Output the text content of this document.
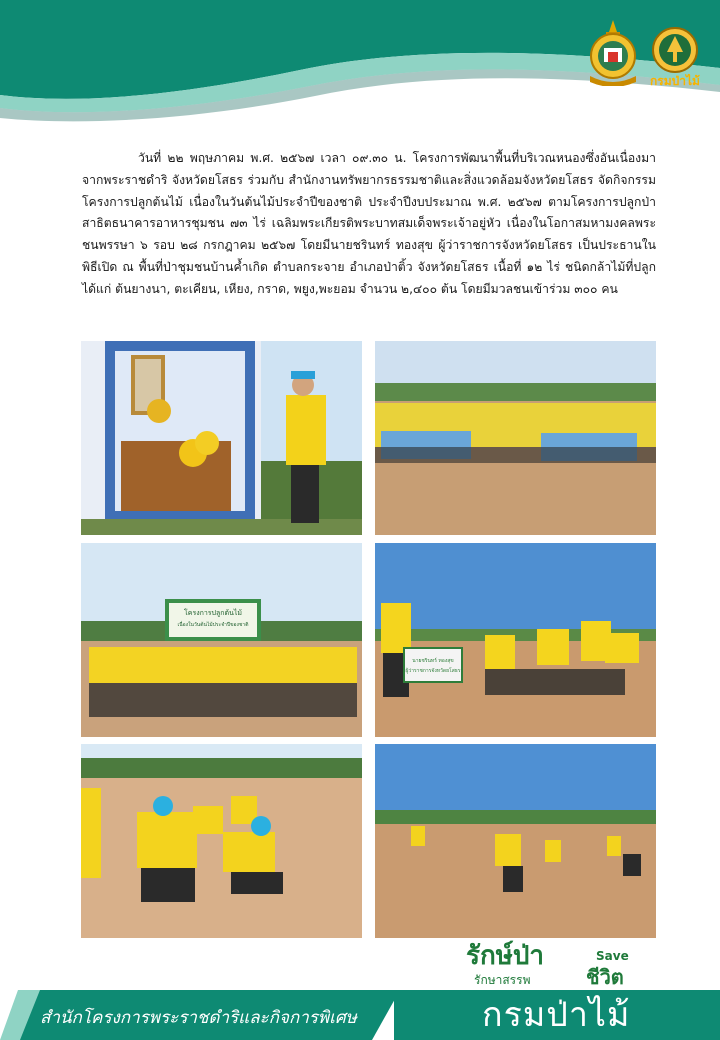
กรมป่าไม้

วันที่ ๒๒ พฤษภาคม พ.ศ. ๒๕๖๗ เวลา ๐๙.๓๐ น. โครงการพัฒนาพื้นที่บริเวณหนองซึ่งอันเนื่องมาจากพระราชดำริ จังหวัดยโสธร ร่วมกับ สำนักงานทรัพยากรธรรมชาติและสิ่งแวดล้อมจังหวัดยโสธร จัดกิจกรรม โครงการปลูกต้นไม้ เนื่องในวันต้นไม้ประจำปีของชาติ ประจำปีงบประมาณ พ.ศ. ๒๕๖๗ ตามโครงการปลูกป่าสาธิตธนาคารอาหารชุมชน ๗๓ ไร่ เฉลิมพระเกียรติพระบาทสมเด็จพระเจ้าอยู่หัว เนื่องในโอกาสมหามงคลพระชนพรรษา ๖ รอบ ๒๘ กรกฎาคม ๒๕๖๗ โดยมีนายชรินทร์ ทองสุข ผู้ว่าราชการจังหวัดยโสธร เป็นประธานในพิธีเปิด ณ พื้นที่ป่าชุมชนบ้านค้ำเกิด ตำบลกระจาย อำเภอป่าติ้ว จังหวัดยโสธร เนื้อที่ ๑๒ ไร่ ชนิดกล้าไม้ที่ปลูกได้แก่ ต้นยางนา, ตะเคียน, เหียง, กราด, พยูง,พะยอม จำนวน ๒,๔๐๐ ต้น โดยมีมวลชนเข้าร่วม ๓๐๐ คน

โครงการปลูกต้นไม้
เนื่องในวันต้นไม้ประจำปีของชาติ
นายชรินทร์ ทองสุข
ผู้ว่าราชการจังหวัดยโสธร
รักษ์ป่า
รักษาสรรพ
Save
ชีวิต
สำนักโครงการพระราชดำริและกิจการพิเศษ	กรมป่าไม้
